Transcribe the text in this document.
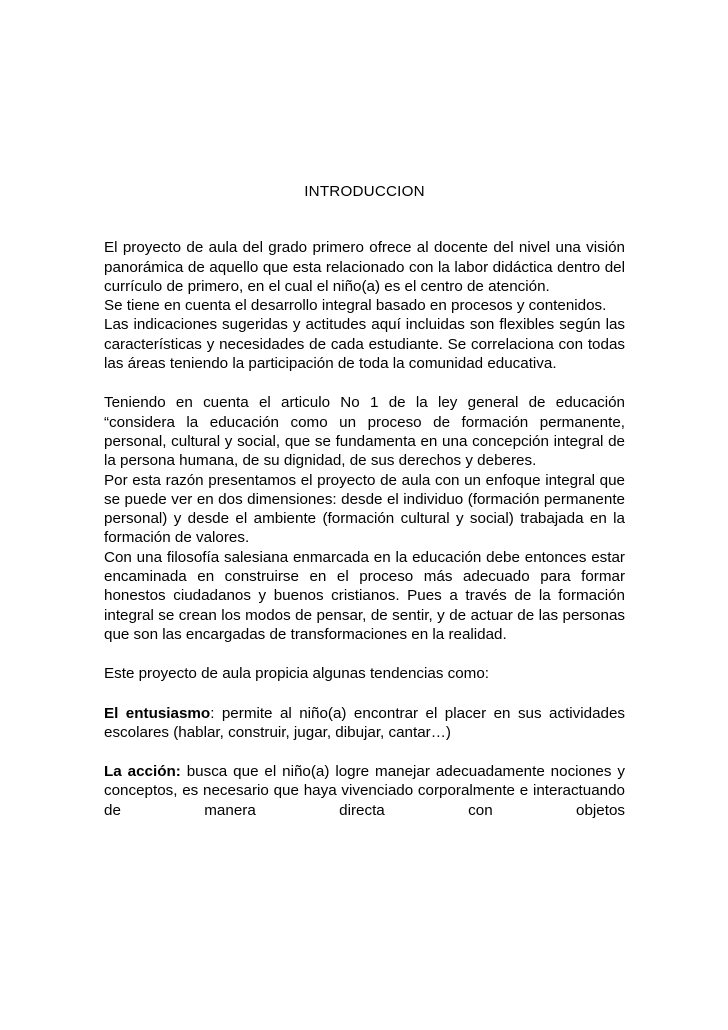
INTRODUCCION
El proyecto de aula del grado primero ofrece al docente del nivel una visión panorámica de aquello que esta relacionado con la labor didáctica dentro del currículo de primero, en el cual el niño(a) es el centro de atención.
Se tiene en cuenta el desarrollo integral basado en procesos y contenidos.
Las indicaciones sugeridas y actitudes aquí incluidas son flexibles según las características y necesidades de cada estudiante. Se correlaciona con todas las áreas teniendo la participación de toda la comunidad educativa.
Teniendo en cuenta el articulo No 1 de la ley general de educación “considera la educación como un proceso de formación permanente, personal, cultural y social, que se fundamenta en una concepción integral de la persona humana, de su dignidad, de sus derechos y deberes.
Por esta razón presentamos el proyecto de aula con un enfoque integral que se puede ver en dos dimensiones: desde el individuo (formación permanente personal) y desde el ambiente (formación cultural y social) trabajada en la formación de valores.
Con una filosofía salesiana enmarcada en la educación debe entonces estar encaminada en construirse en el proceso más adecuado para formar honestos ciudadanos y buenos cristianos. Pues a través de la formación integral se crean los modos de pensar, de sentir, y de actuar de las personas que son las encargadas de transformaciones en la realidad.
Este proyecto de aula propicia algunas tendencias como:
El entusiasmo: permite al niño(a) encontrar el placer en sus actividades escolares (hablar, construir, jugar, dibujar, cantar…)
La acción: busca que el niño(a) logre manejar adecuadamente nociones y conceptos, es necesario que haya vivenciado corporalmente e interactuando de manera directa con objetos
